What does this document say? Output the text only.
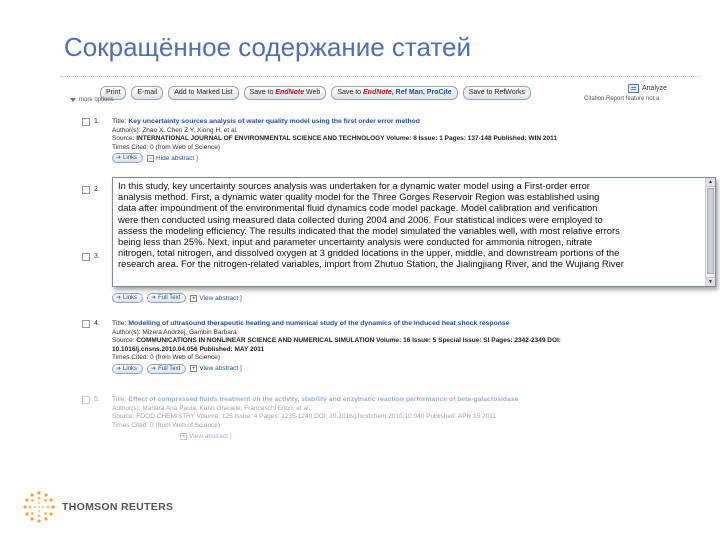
Сокращённое содержание статей
Print	E-mail	Add to Marked List	Save to EndNote Web	Save to EndNote, Ref Man, ProCite	Save to RefWorks
Analyze
Citation Report feature not a
more options
1. Title: Key uncertainty sources analysis of water quality model using the first order error method
Author(s): Zhao X, Chen Z Y, Xiong H, et al.
Source: INTERNATIONAL JOURNAL OF ENVIRONMENTAL SCIENCE AND TECHNOLOGY Volume: 8 Issue: 1 Pages: 137-148 Published: WIN 2011
Times Cited: 0 (from Web of Science)
➜ Links − Hide abstract ]
2.
3.
➜ Links ➜ Full Text + View abstract ]
4. Title: Modelling of ultrasound therapeutic heating and numerical study of the dynamics of the induced heat shock response
Author(s): Mizera Andrzej, Gambin Barbara
Source: COMMUNICATIONS IN NONLINEAR SCIENCE AND NUMERICAL SIMULATION Volume: 16 Issue: 5 Special Issue: SI Pages: 2342-2349 DOI:
10.1016/j.cnsns.2010.04.056 Published: MAY 2011
Times Cited: 0 (from Web of Science)
➜ Links ➜ Full Text + View abstract ]
5. Title: Effect of compressed fluids treatment on the activity, stability and enzymatic reaction performance of beta-galactosidase
Author(s): Manara Ana Paula, Kuhn Graciele, Franceschi Elton, et al.
Source: FOOD CHEMISTRY Volume: 125 Issue: 4 Pages: 1235-1240 DOI: 10.1016/j.foodchem.2010.10.040 Published: APR 15 2011
Times Cited: 0 (from Web of Science)
+ View abstract ]
In this study, key uncertainty sources analysis was undertaken for a dynamic water model using a First-order error
analysis method. First, a dynamic water quality model for the Three Gorges Reservoir Region was established using
data after impoundment of the environmental fluid dynamics code model package. Model calibration and verification
were then conducted using measured data collected during 2004 and 2006. Four statistical indices were employed to
assess the modeling efficiency. The results indicated that the model simulated the variables well, with most relative errors
being less than 25%. Next, input and parameter uncertainty analysis were conducted for ammonia nitrogen, nitrate
nitrogen, total nitrogen, and dissolved oxygen at 3 gridded locations in the upper, middle, and downstream portions of the
research area. For the nitrogen-related variables, import from Zhutuo Station, the Jialingjiang River, and the Wujiang River
▲
▼
THOMSON REUTERS
